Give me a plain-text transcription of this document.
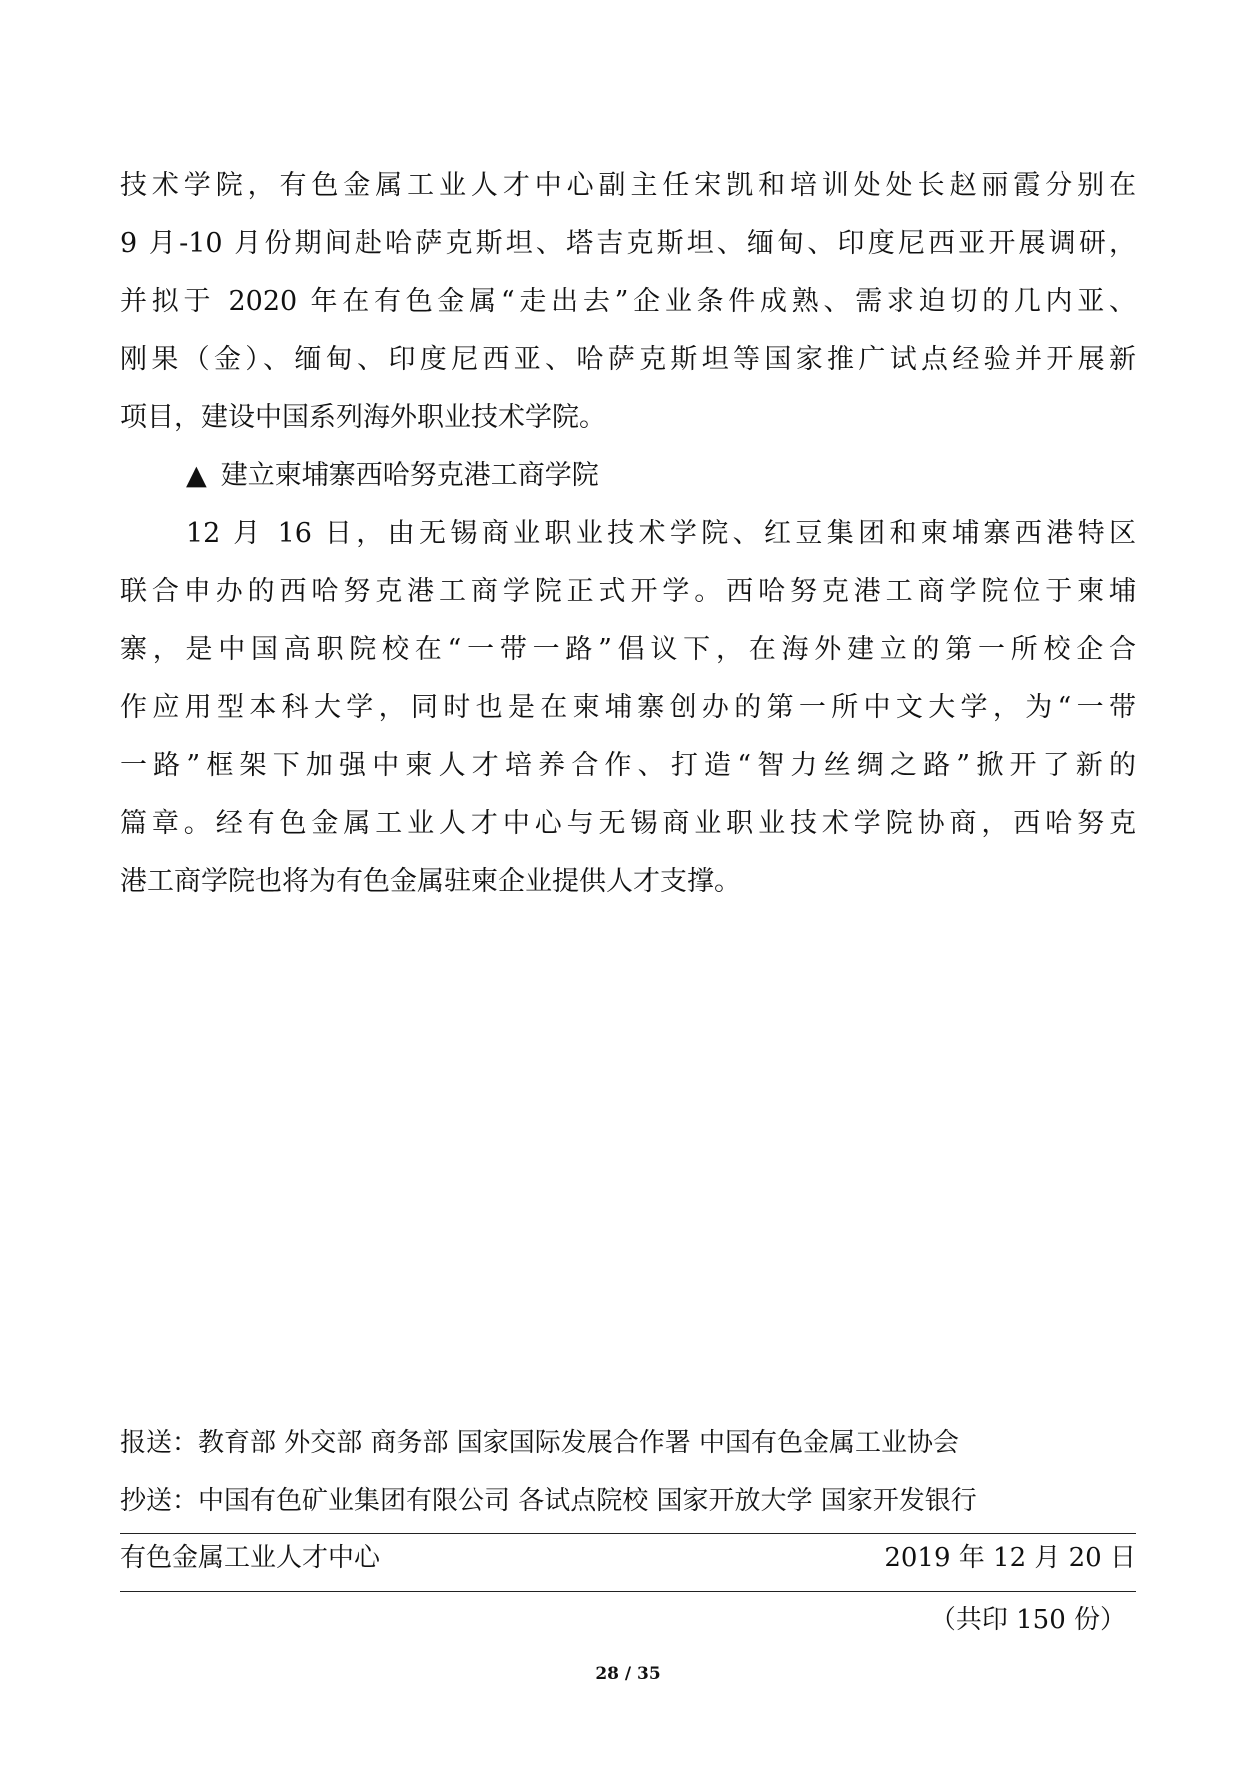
技术学院，有色金属工业人才中心副主任宋凯和培训处处长赵丽霞分别在
9 月-10 月份期间赴哈萨克斯坦、塔吉克斯坦、缅甸、印度尼西亚开展调研，
并拟于 2020 年在有色金属“走出去”企业条件成熟、需求迫切的几内亚、
刚果（金）、缅甸、印度尼西亚、哈萨克斯坦等国家推广试点经验并开展新
项目，建设中国系列海外职业技术学院。
▲ 建立柬埔寨西哈努克港工商学院
12 月 16 日，由无锡商业职业技术学院、红豆集团和柬埔寨西港特区
联合申办的西哈努克港工商学院正式开学。西哈努克港工商学院位于柬埔
寨，是中国高职院校在“一带一路”倡议下，在海外建立的第一所校企合
作应用型本科大学，同时也是在柬埔寨创办的第一所中文大学，为“一带
一路”框架下加强中柬人才培养合作、打造“智力丝绸之路”掀开了新的
篇章。经有色金属工业人才中心与无锡商业职业技术学院协商，西哈努克
港工商学院也将为有色金属驻柬企业提供人才支撑。
报送：教育部 外交部 商务部 国家国际发展合作署 中国有色金属工业协会
抄送：中国有色矿业集团有限公司 各试点院校 国家开放大学 国家开发银行
有色金属工业人才中心	2019 年 12 月 20 日
（共印 150 份）
28 / 35
